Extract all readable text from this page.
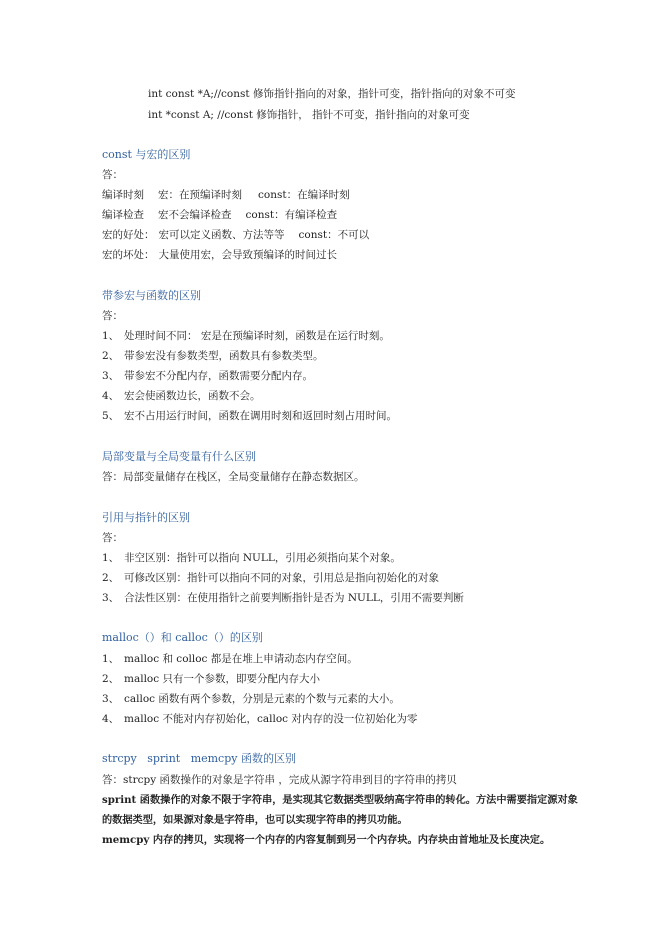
int const *A;//const 修饰指针指向的对象，指针可变，指针指向的对象不可变
int *const A; //const 修饰指针， 指针不可变，指针指向的对象可变
const 与宏的区别
答：
编译时刻 宏：在预编译时刻 const：在编译时刻
编译检查 宏不会编译检查 const：有编译检查
宏的好处： 宏可以定义函数、方法等等 const：不可以
宏的坏处： 大量使用宏，会导致预编译的时间过长
带参宏与函数的区别
答：
1、 处理时间不同： 宏是在预编译时刻，函数是在运行时刻。
2、 带参宏没有参数类型，函数具有参数类型。
3、 带参宏不分配内存，函数需要分配内存。
4、 宏会使函数边长，函数不会。
5、 宏不占用运行时间，函数在调用时刻和返回时刻占用时间。
局部变量与全局变量有什么区别
答：局部变量储存在栈区，全局变量储存在静态数据区。
引用与指针的区别
答：
1、 非空区别：指针可以指向 NULL，引用必须指向某个对象。
2、 可修改区别：指针可以指向不同的对象，引用总是指向初始化的对象
3、 合法性区别：在使用指针之前要判断指针是否为 NULL，引用不需要判断
malloc（）和 calloc（）的区别
1、 malloc 和 colloc 都是在堆上申请动态内存空间。
2、 malloc 只有一个参数，即要分配内存大小
3、 calloc 函数有两个参数，分别是元素的个数与元素的大小。
4、 malloc 不能对内存初始化，calloc 对内存的没一位初始化为零
strcpy   sprint   memcpy 函数的区别
答：strcpy 函数操作的对象是字符串 ，完成从源字符串到目的字符串的拷贝
sprint 函数操作的对象不限于字符串，是实现其它数据类型吸纳高字符串的转化。方法中需要指定源对象
的数据类型，如果源对象是字符串，也可以实现字符串的拷贝功能。
memcpy 内存的拷贝，实现将一个内存的内容复制到另一个内存块。内存块由首地址及长度决定。
